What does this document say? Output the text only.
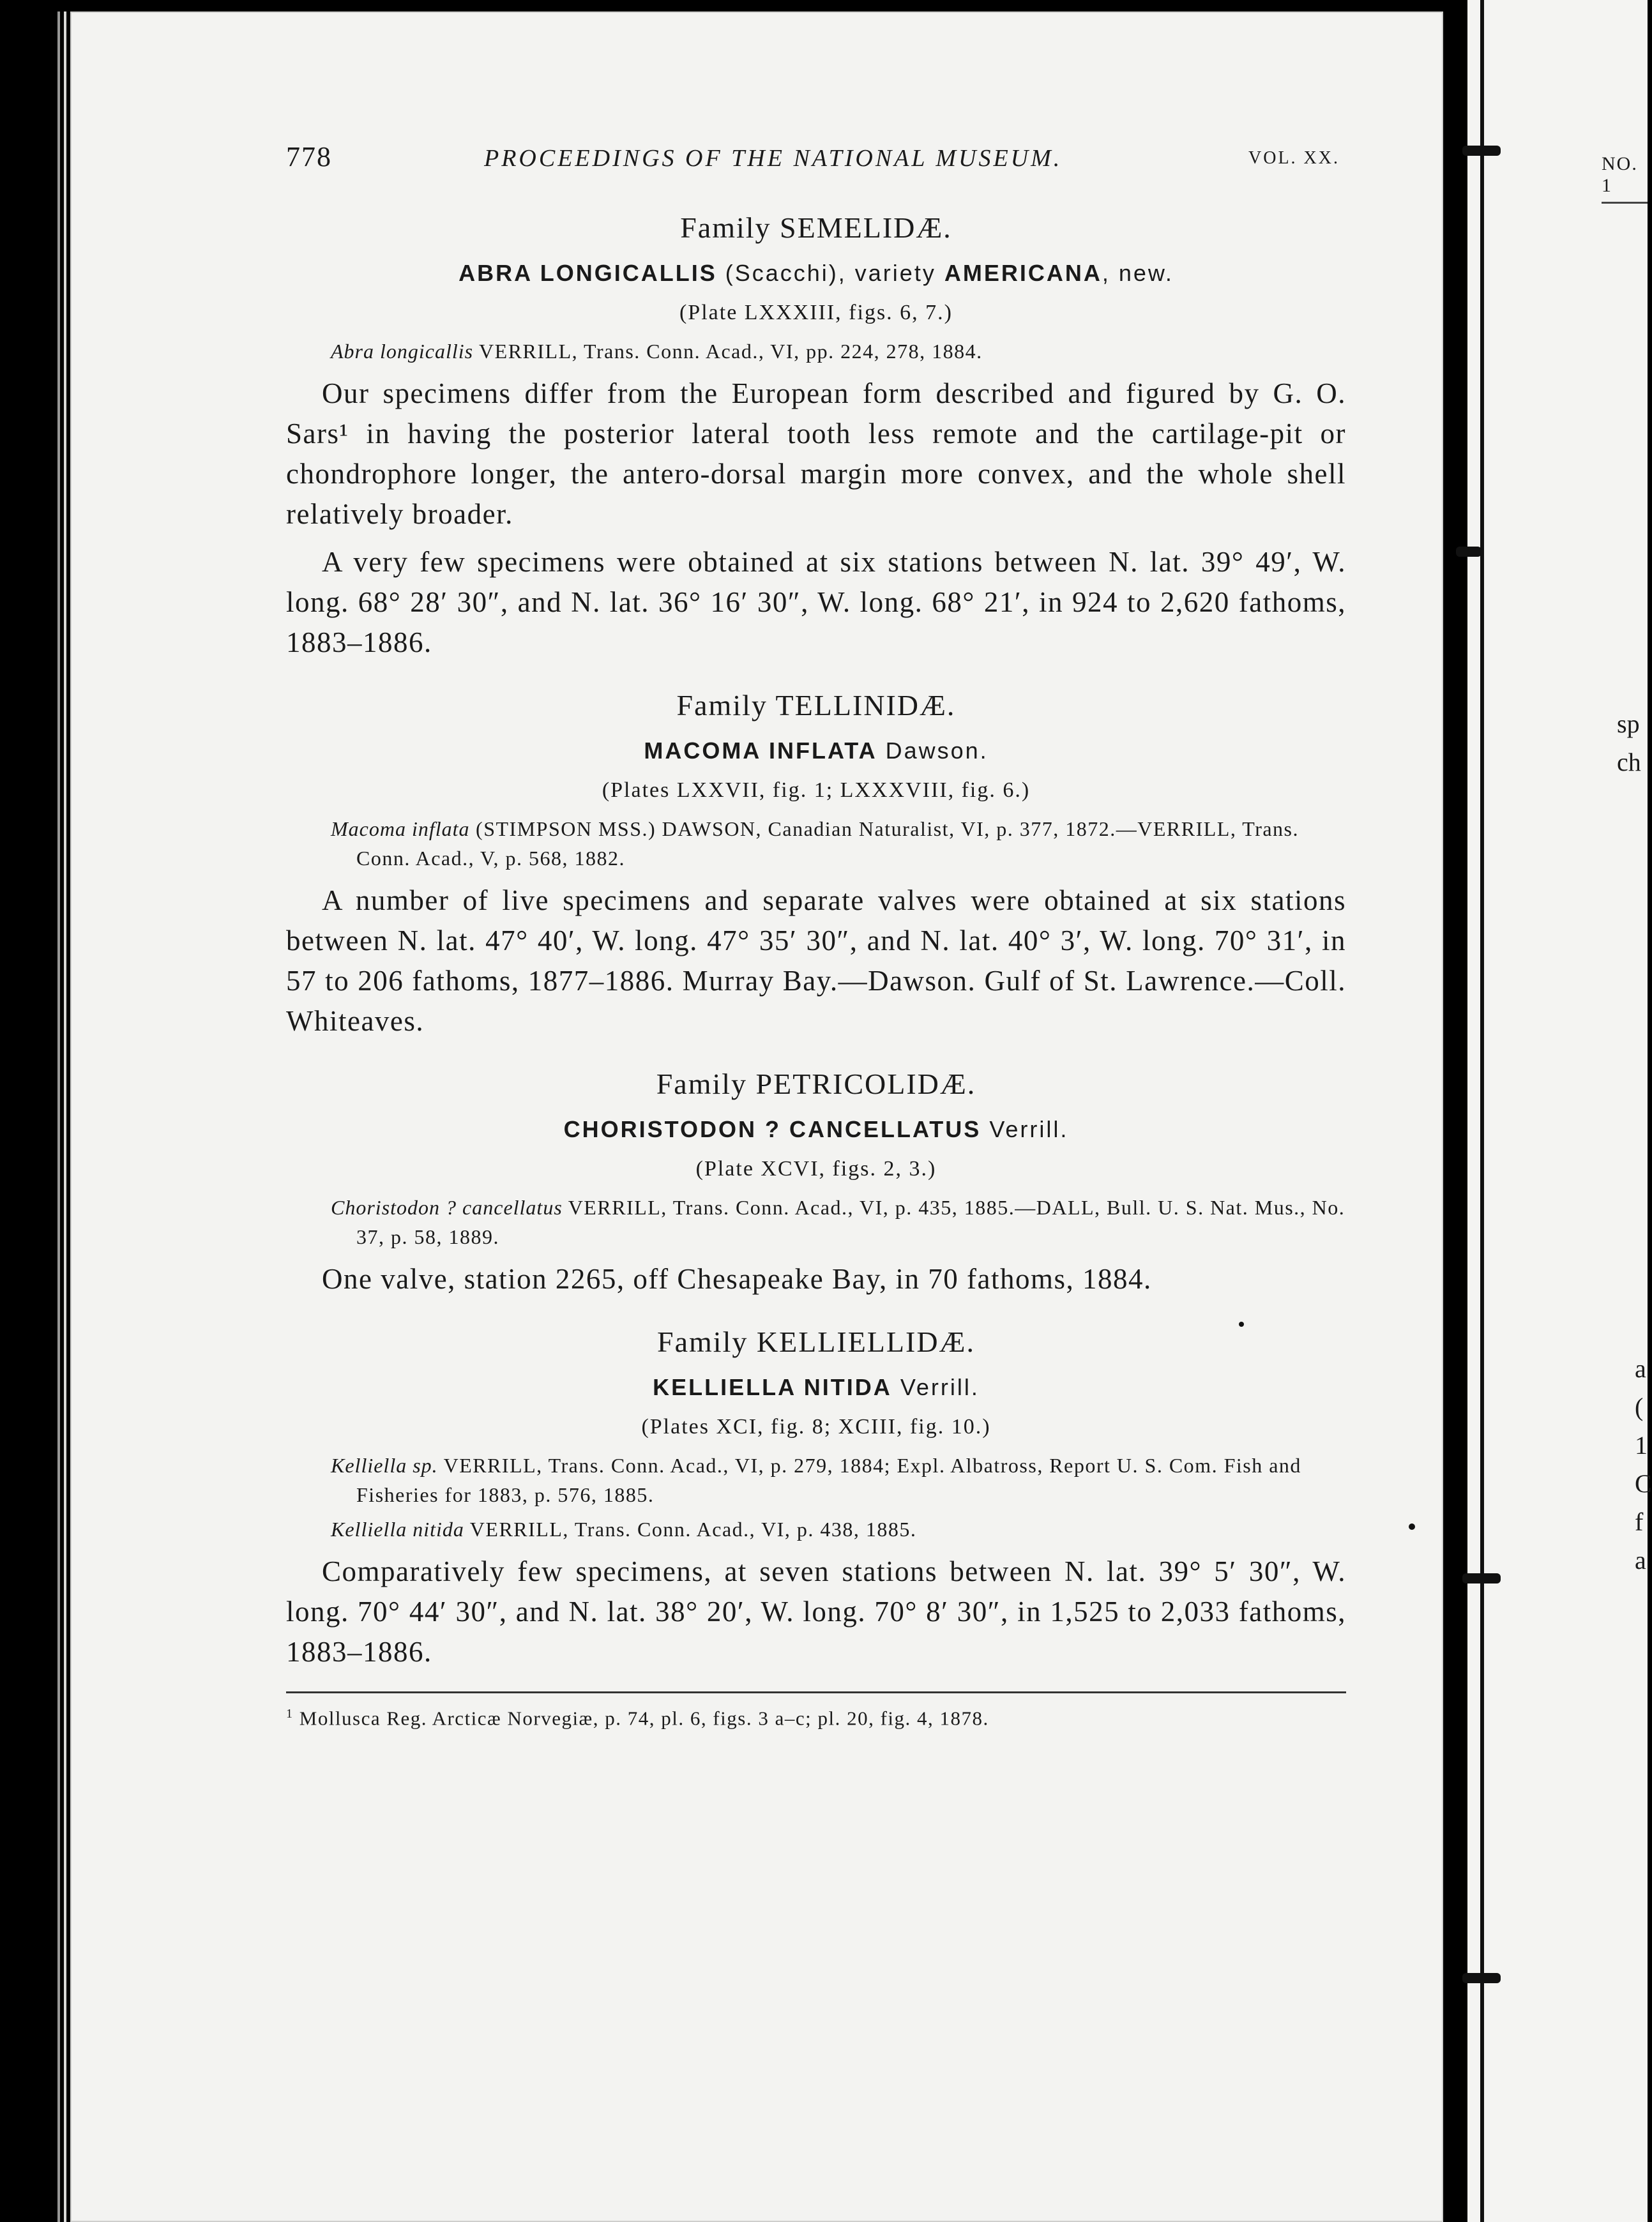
NO. 1
sp
ch
a
(
1
C
f
a
778	PROCEEDINGS OF THE NATIONAL MUSEUM.	VOL. XX.
Family SEMELIDÆ.
ABRA LONGICALLIS (Scacchi), variety AMERICANA, new.
(Plate LXXXIII, figs. 6, 7.)
Abra longicallis VERRILL, Trans. Conn. Acad., VI, pp. 224, 278, 1884.

Our specimens differ from the European form described and figured by G. O. Sars¹ in having the posterior lateral tooth less remote and the cartilage-pit or chondrophore longer, the antero-dorsal margin more convex, and the whole shell relatively broader.

A very few specimens were obtained at six stations between N. lat. 39° 49′, W. long. 68° 28′ 30″, and N. lat. 36° 16′ 30″, W. long. 68° 21′, in 924 to 2,620 fathoms, 1883–1886.

Family TELLINIDÆ.
MACOMA INFLATA Dawson.
(Plates LXXVII, fig. 1; LXXXVIII, fig. 6.)
Macoma inflata (STIMPSON MSS.) DAWSON, Canadian Naturalist, VI, p. 377, 1872.—VERRILL, Trans. Conn. Acad., V, p. 568, 1882.

A number of live specimens and separate valves were obtained at six stations between N. lat. 47° 40′, W. long. 47° 35′ 30″, and N. lat. 40° 3′, W. long. 70° 31′, in 57 to 206 fathoms, 1877–1886. Murray Bay.—Dawson. Gulf of St. Lawrence.—Coll. Whiteaves.

Family PETRICOLIDÆ.
CHORISTODON ? CANCELLATUS Verrill.
(Plate XCVI, figs. 2, 3.)
Choristodon ? cancellatus VERRILL, Trans. Conn. Acad., VI, p. 435, 1885.—DALL, Bull. U. S. Nat. Mus., No. 37, p. 58, 1889.

One valve, station 2265, off Chesapeake Bay, in 70 fathoms, 1884.

Family KELLIELLIDÆ.
KELLIELLA NITIDA Verrill.
(Plates XCI, fig. 8; XCIII, fig. 10.)
Kelliella sp. VERRILL, Trans. Conn. Acad., VI, p. 279, 1884; Expl. Albatross, Report U. S. Com. Fish and Fisheries for 1883, p. 576, 1885.
Kelliella nitida VERRILL, Trans. Conn. Acad., VI, p. 438, 1885.

Comparatively few specimens, at seven stations between N. lat. 39° 5′ 30″, W. long. 70° 44′ 30″, and N. lat. 38° 20′, W. long. 70° 8′ 30″, in 1,525 to 2,033 fathoms, 1883–1886.

$^1$ Mollusca Reg. Arcticæ Norvegiæ, p. 74, pl. 6, figs. 3 a–c; pl. 20, fig. 4, 1878.
